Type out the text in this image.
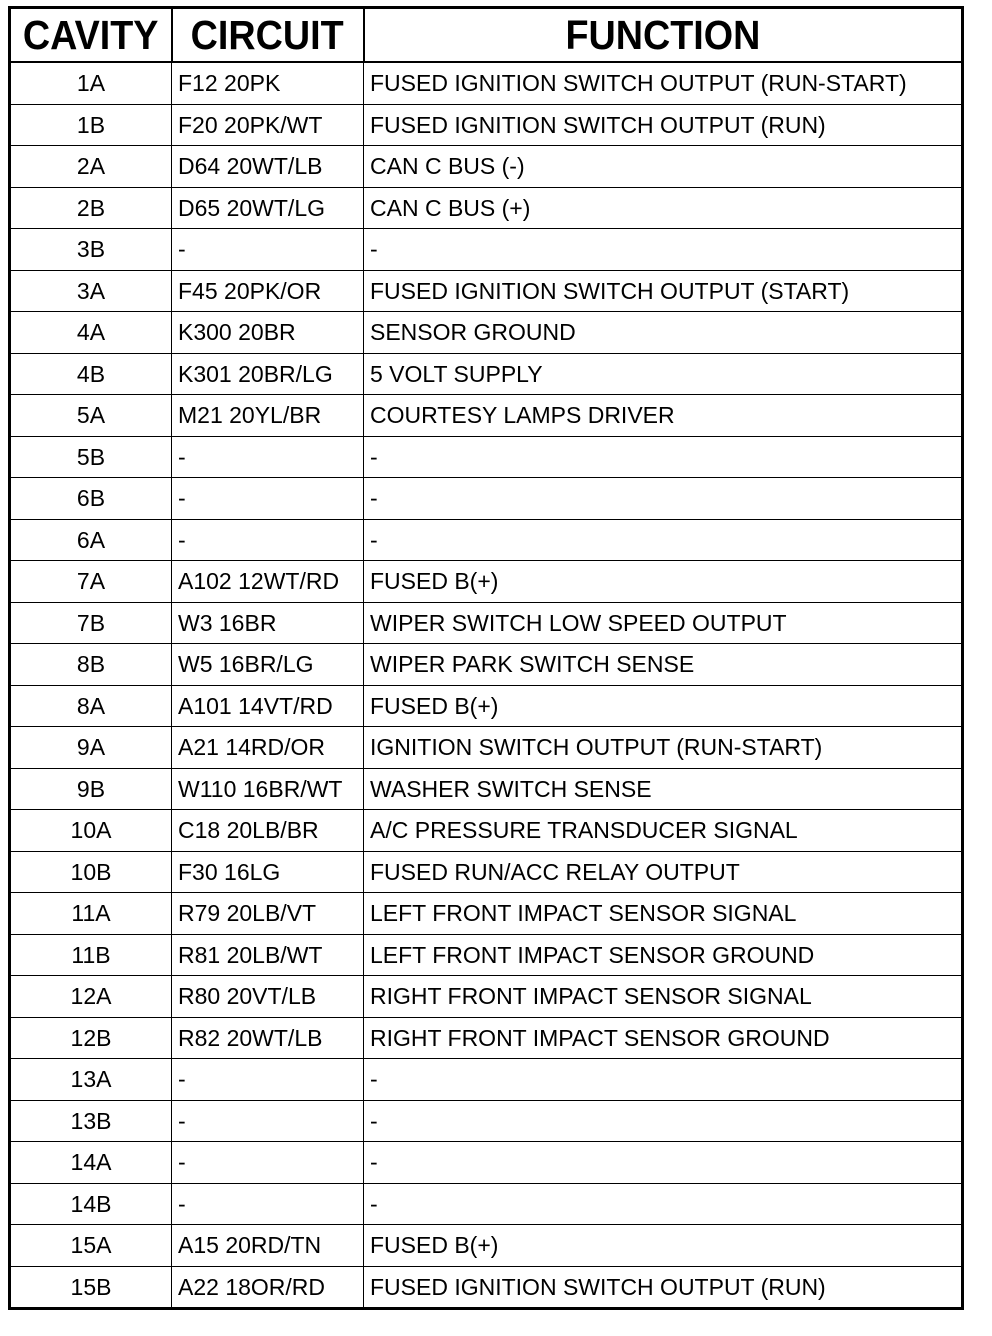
CAVITY	CIRCUIT	FUNCTION
1A	F12 20PK	FUSED IGNITION SWITCH OUTPUT (RUN-START)
1B	F20 20PK/WT	FUSED IGNITION SWITCH OUTPUT (RUN)
2A	D64 20WT/LB	CAN C BUS (-)
2B	D65 20WT/LG	CAN C BUS (+)
3B	-	-
3A	F45 20PK/OR	FUSED IGNITION SWITCH OUTPUT (START)
4A	K300 20BR	SENSOR GROUND
4B	K301 20BR/LG	5 VOLT SUPPLY
5A	M21 20YL/BR	COURTESY LAMPS DRIVER
5B	-	-
6B	-	-
6A	-	-
7A	A102 12WT/RD	FUSED B(+)
7B	W3 16BR	WIPER SWITCH LOW SPEED OUTPUT
8B	W5 16BR/LG	WIPER PARK SWITCH SENSE
8A	A101 14VT/RD	FUSED B(+)
9A	A21 14RD/OR	IGNITION SWITCH OUTPUT (RUN-START)
9B	W110 16BR/WT	WASHER SWITCH SENSE
10A	C18 20LB/BR	A/C PRESSURE TRANSDUCER SIGNAL
10B	F30 16LG	FUSED RUN/ACC RELAY OUTPUT
11A	R79 20LB/VT	LEFT FRONT IMPACT SENSOR SIGNAL
11B	R81 20LB/WT	LEFT FRONT IMPACT SENSOR GROUND
12A	R80 20VT/LB	RIGHT FRONT IMPACT SENSOR SIGNAL
12B	R82 20WT/LB	RIGHT FRONT IMPACT SENSOR GROUND
13A	-	-
13B	-	-
14A	-	-
14B	-	-
15A	A15 20RD/TN	FUSED B(+)
15B	A22 18OR/RD	FUSED IGNITION SWITCH OUTPUT (RUN)
